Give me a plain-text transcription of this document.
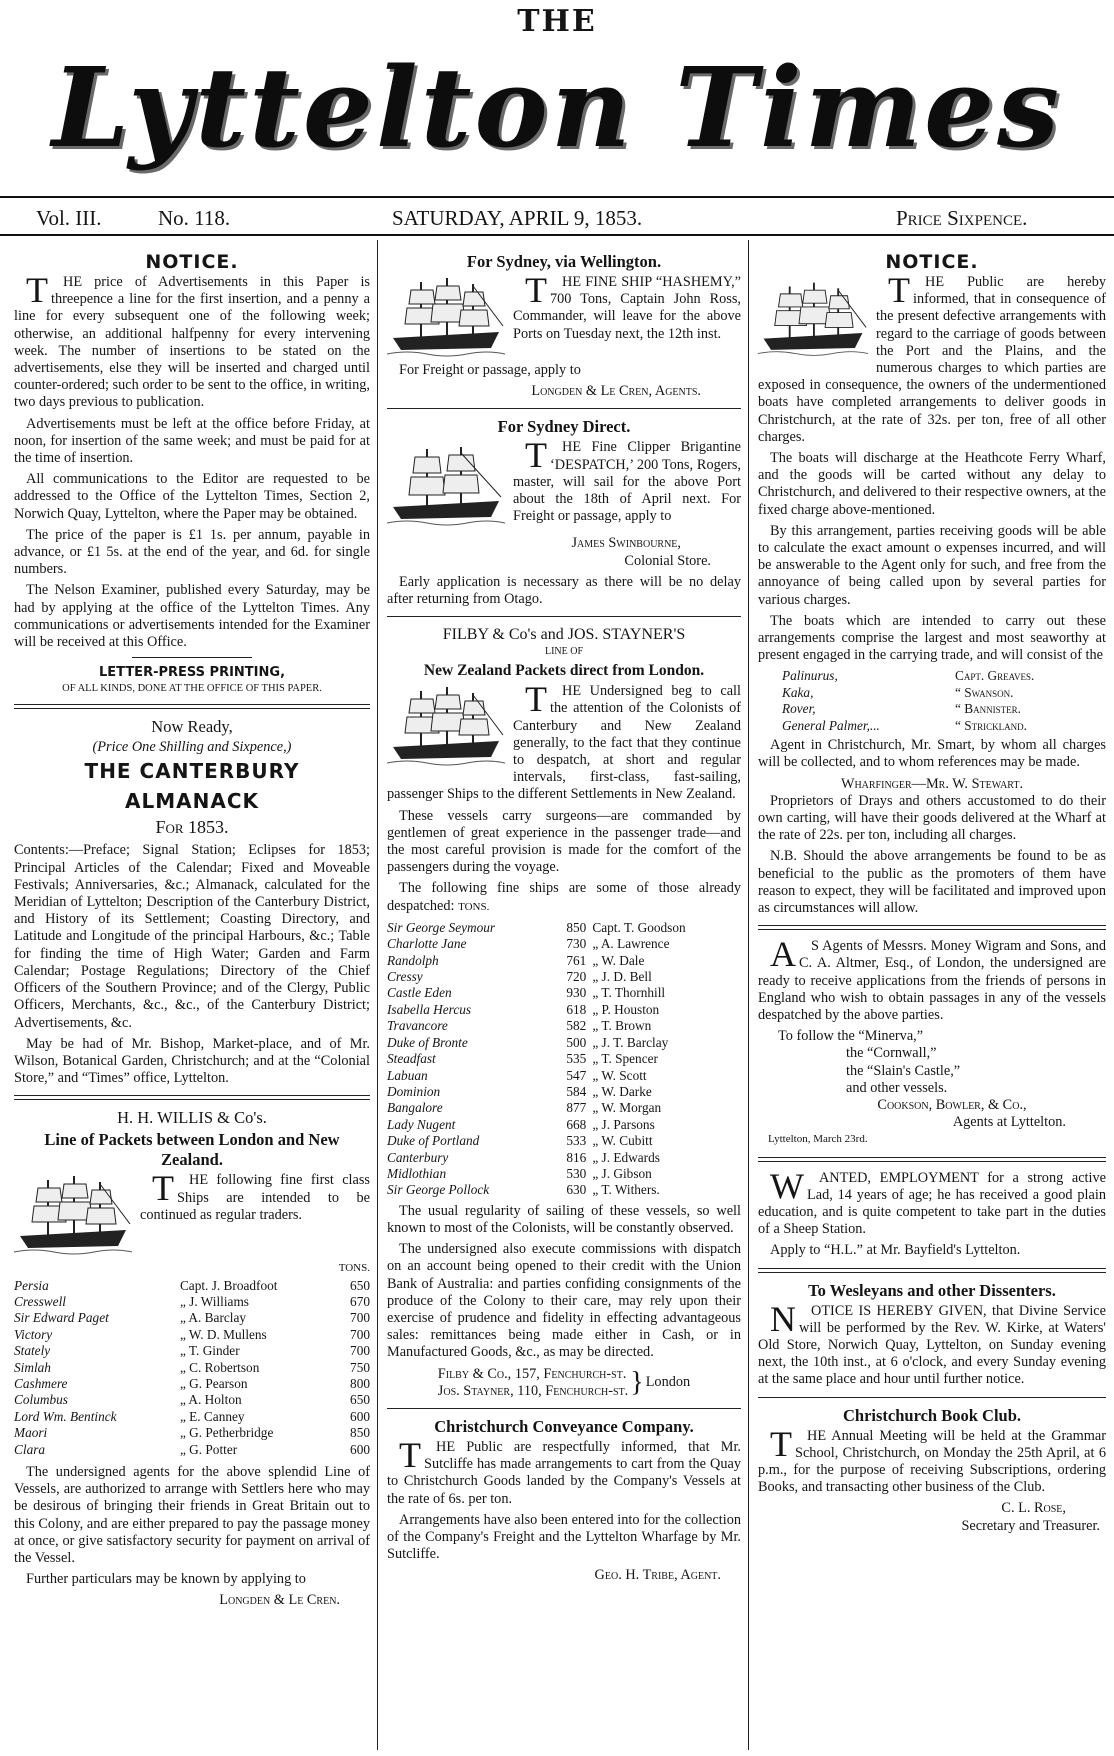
THE
Lyttelton Times
Vol. III.	No. 118.	SATURDAY, APRIL 9, 1853.	Price Sixpence.
NOTICE.

THE price of Advertisements in this Paper is threepence a line for the first insertion, and a penny a line for every subsequent one of the following week; otherwise, an additional halfpenny for every intervening week. The number of insertions to be stated on the advertisements, else they will be inserted and charged until counter-ordered; such order to be sent to the office, in writing, two days previous to publication.

Advertisements must be left at the office before Friday, at noon, for insertion of the same week; and must be paid for at the time of insertion.

All communications to the Editor are requested to be addressed to the Office of the Lyttelton Times, Section 2, Norwich Quay, Lyttelton, where the Paper may be obtained.

The price of the paper is £1 1s. per annum, payable in advance, or £1 5s. at the end of the year, and 6d. for single numbers.

The Nelson Examiner, published every Saturday, may be had by applying at the office of the Lyttelton Times. Any communications or advertisements intended for the Examiner will be received at this Office.

LETTER-PRESS PRINTING,
OF ALL KINDS, DONE AT THE OFFICE OF THIS PAPER.
Now Ready,
(Price One Shilling and Sixpence,)
THE CANTERBURY ALMANACK
For 1853.

Contents:—Preface; Signal Station; Eclipses for 1853; Principal Articles of the Calendar; Fixed and Moveable Festivals; Anniversaries, &c.; Almanack, calculated for the Meridian of Lyttelton; Description of the Canterbury District, and History of its Settlement; Coasting Directory, and Latitude and Longitude of the principal Harbours, &c.; Table for finding the time of High Water; Garden and Farm Calendar; Postage Regulations; Directory of the Chief Officers of the Southern Province; and of the Clergy, Public Officers, Merchants, &c., &c., of the Canterbury District; Advertisements, &c.

May be had of Mr. Bishop, Market-place, and of Mr. Wilson, Botanical Garden, Christchurch; and at the “Colonial Store,” and “Times” office, Lyttelton.

H. H. WILLIS & Co's.
Line of Packets between London and New Zealand.

THE following fine first class Ships are intended to be continued as regular traders.

TONS.
Persia	Capt. J. Broadfoot	650
Cresswell	„ J. Williams	670
Sir Edward Paget	„ A. Barclay	700
Victory	„ W. D. Mullens	700
Stately	„ T. Ginder	700
Simlah	„ C. Robertson	750
Cashmere	„ G. Pearson	800
Columbus	„ A. Holton	650
Lord Wm. Bentinck	„ E. Canney	600
Maori	„ G. Petherbridge	850
Clara	„ G. Potter	600

The undersigned agents for the above splendid Line of Vessels, are authorized to arrange with Settlers here who may be desirous of bringing their friends in Great Britain out to this Colony, and are either prepared to pay the passage money at once, or give satisfactory security for payment on arrival of the Vessel.

Further particulars may be known by applying to

Longden & Le Cren.
For Sydney, via Wellington.

THE FINE SHIP “HASHEMY,” 700 Tons, Captain John Ross, Commander, will leave for the above Ports on Tuesday next, the 12th inst.

For Freight or passage, apply to

Longden & Le Cren, Agents.
For Sydney Direct.

THE Fine Clipper Brigantine ‘DESPATCH,’ 200 Tons, Rogers, master, will sail for the above Port about the 18th of April next. For Freight or passage, apply to

James Swinbourne,
Colonial Store.

Early application is necessary as there will be no delay after returning from Otago.

FILBY & Co's and JOS. STAYNER'S
LINE OF
New Zealand Packets direct from London.

THE Undersigned beg to call the attention of the Colonists of Canterbury and New Zealand generally, to the fact that they continue to despatch, at short and regular intervals, first-class, fast-sailing, passenger Ships to the different Settlements in New Zealand.

These vessels carry surgeons—are commanded by gentlemen of great experience in the passenger trade—and the most careful provision is made for the comfort of the passengers during the voyage.

The following fine ships are some of those already despatched: TONS.

Sir George Seymour	850	Capt. T. Goodson
Charlotte Jane	730	„ A. Lawrence
Randolph	761	„ W. Dale
Cressy	720	„ J. D. Bell
Castle Eden	930	„ T. Thornhill
Isabella Hercus	618	„ P. Houston
Travancore	582	„ T. Brown
Duke of Bronte	500	„ J. T. Barclay
Steadfast	535	„ T. Spencer
Labuan	547	„ W. Scott
Dominion	584	„ W. Darke
Bangalore	877	„ W. Morgan
Lady Nugent	668	„ J. Parsons
Duke of Portland	533	„ W. Cubitt
Canterbury	816	„ J. Edwards
Midlothian	530	„ J. Gibson
Sir George Pollock	630	„ T. Withers.

The usual regularity of sailing of these vessels, so well known to most of the Colonists, will be constantly observed.

The undersigned also execute commissions with dispatch on an account being opened to their credit with the Union Bank of Australia: and parties confiding consignments of the produce of the Colony to their care, may rely upon their exercise of prudence and fidelity in effecting advantageous sales: remittances being made either in Cash, or in Manufactured Goods, &c., as may be directed.

Filby & Co., 157, Fenchurch-st.
Jos. Stayner, 110, Fenchurch-st. } London
Christchurch Conveyance Company.

THE Public are respectfully informed, that Mr. Sutcliffe has made arrangements to cart from the Quay to Christchurch Goods landed by the Company's Vessels at the rate of 6s. per ton.

Arrangements have also been entered into for the collection of the Company's Freight and the Lyttelton Wharfage by Mr. Sutcliffe.

Geo. H. Tribe, Agent.
NOTICE.

THE Public are hereby informed, that in consequence of the present defective arrangements with regard to the carriage of goods between the Port and the Plains, and the numerous charges to which parties are exposed in consequence, the owners of the undermentioned boats have completed arrangements to deliver goods in Christchurch, at the rate of 32s. per ton, free of all other charges.

The boats will discharge at the Heathcote Ferry Wharf, and the goods will be carted without any delay to Christchurch, and delivered to their respective owners, at the fixed charge above-mentioned.

By this arrangement, parties receiving goods will be able to calculate the exact amount o expenses incurred, and will be answerable to the Agent only for such, and free from the annoyance of being called upon by several parties for various charges.

The boats which are intended to carry out these arrangements comprise the largest and most seaworthy at present engaged in the carrying trade, and will consist of the

Palinurus,	Capt. Greaves.
Kaka,	“ Swanson.
Rover,	“ Bannister.
General Palmer,...	“ Strickland.

Agent in Christchurch, Mr. Smart, by whom all charges will be collected, and to whom references may be made.

Wharfinger—Mr. W. Stewart.

Proprietors of Drays and others accustomed to do their own carting, will have their goods delivered at the Wharf at the rate of 22s. per ton, including all charges.

N.B. Should the above arrangements be found to be as beneficial to the public as the promoters of them have reason to expect, they will be facilitated and improved upon as circumstances will allow.

AS Agents of Messrs. Money Wigram and Sons, and C. A. Altmer, Esq., of London, the undersigned are ready to receive applications from the friends of persons in England who wish to obtain passages in any of the vessels despatched by the above parties.

To follow the “Minerva,”
the “Cornwall,”
the “Slain's Castle,”
and other vessels.
Cookson, Bowler, & Co.,
Agents at Lyttelton.
Lyttelton, March 23rd.

WANTED, EMPLOYMENT for a strong active Lad, 14 years of age; he has received a good plain education, and is quite competent to take part in the duties of a Sheep Station.

Apply to “H.L.” at Mr. Bayfield's Lyttelton.

To Wesleyans and other Dissenters.

NOTICE IS HEREBY GIVEN, that Divine Service will be performed by the Rev. W. Kirke, at Waters' Old Store, Norwich Quay, Lyttelton, on Sunday evening next, the 10th inst., at 6 o'clock, and every Sunday evening at the same place and hour until further notice.

Christchurch Book Club.

THE Annual Meeting will be held at the Grammar School, Christchurch, on Monday the 25th April, at 6 p.m., for the purpose of receiving Subscriptions, ordering Books, and transacting other business of the Club.

C. L. Rose,
Secretary and Treasurer.
